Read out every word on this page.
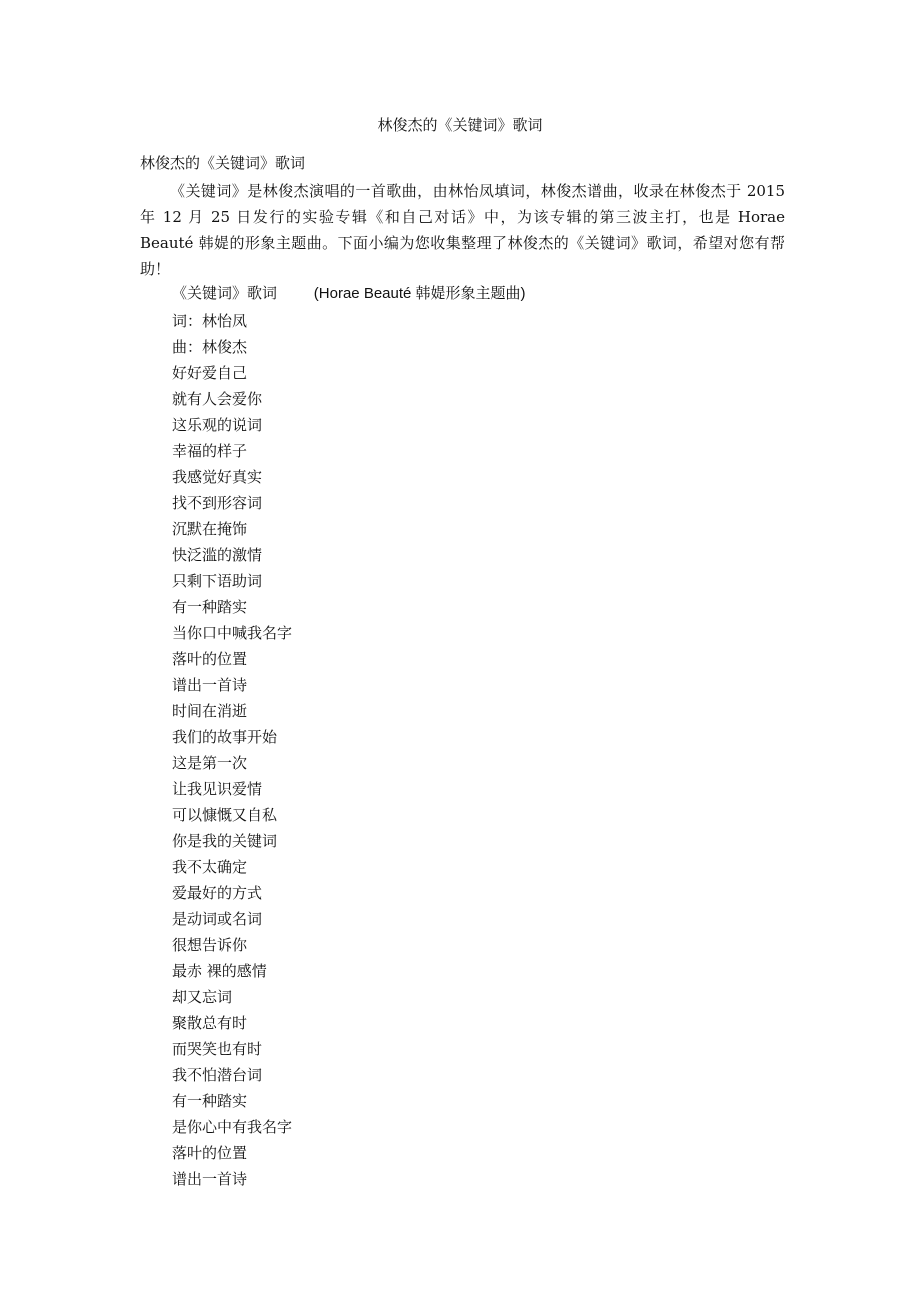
林俊杰的《关键词》歌词
林俊杰的《关键词》歌词

《关键词》是林俊杰演唱的一首歌曲，由林怡凤填词，林俊杰谱曲，收录在林俊杰于 2015 年 12 月 25 日发行的实验专辑《和自己对话》中，为该专辑的第三波主打，也是 Horae Beauté 韩媞的形象主题曲。下面小编为您收集整理了林俊杰的《关键词》歌词，希望对您有帮助！

《关键词》歌词 (Horae Beauté 韩媞形象主题曲)
词：林怡凤
曲：林俊杰
好好爱自己
就有人会爱你
这乐观的说词
幸福的样子
我感觉好真实
找不到形容词
沉默在掩饰
快泛滥的激情
只剩下语助词
有一种踏实
当你口中喊我名字
落叶的位置
谱出一首诗
时间在消逝
我们的故事开始
这是第一次
让我见识爱情
可以慷慨又自私
你是我的关键词
我不太确定
爱最好的方式
是动词或名词
很想告诉你
最赤 裸的感情
却又忘词
聚散总有时
而哭笑也有时
我不怕潜台词
有一种踏实
是你心中有我名字
落叶的位置
谱出一首诗
